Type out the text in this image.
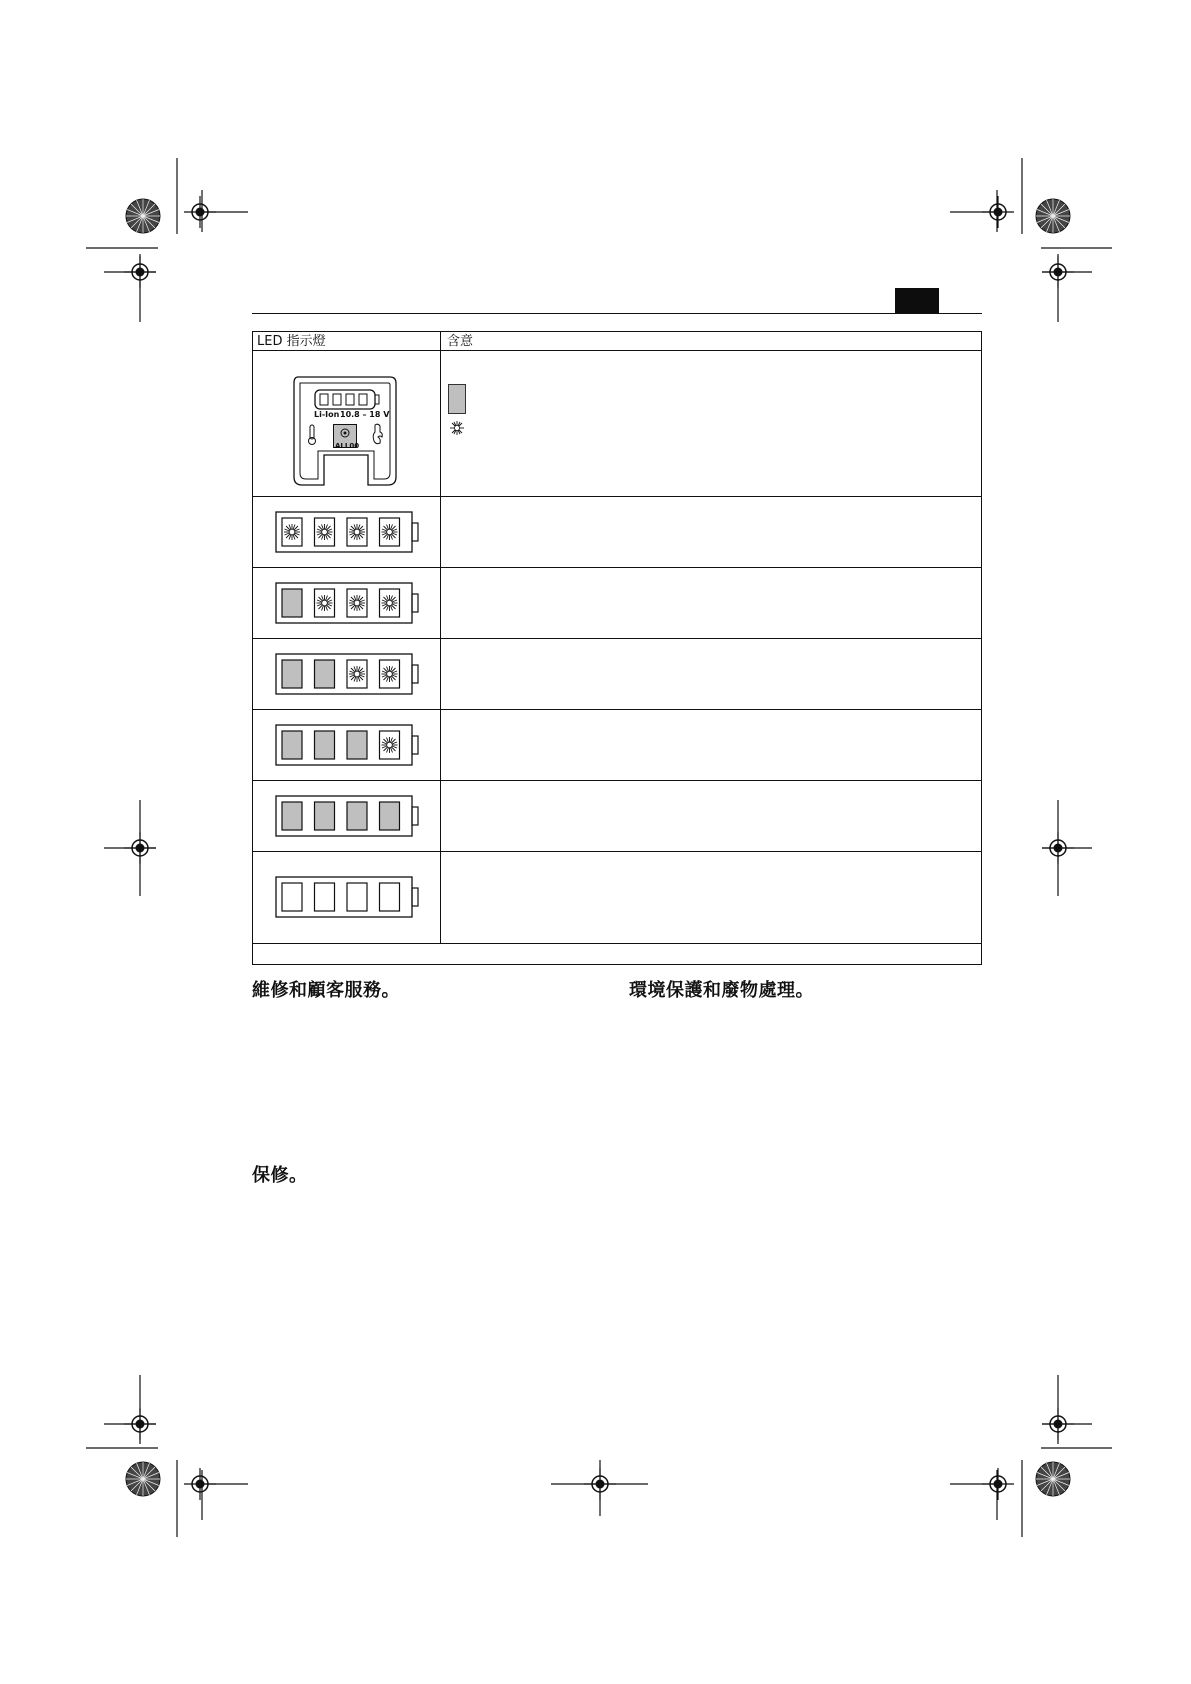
LED 指示燈	含意
Li-Ion 10.8 – 18 V
ALL00
維修和顧客服務。	環境保護和廢物處理。
保修。
